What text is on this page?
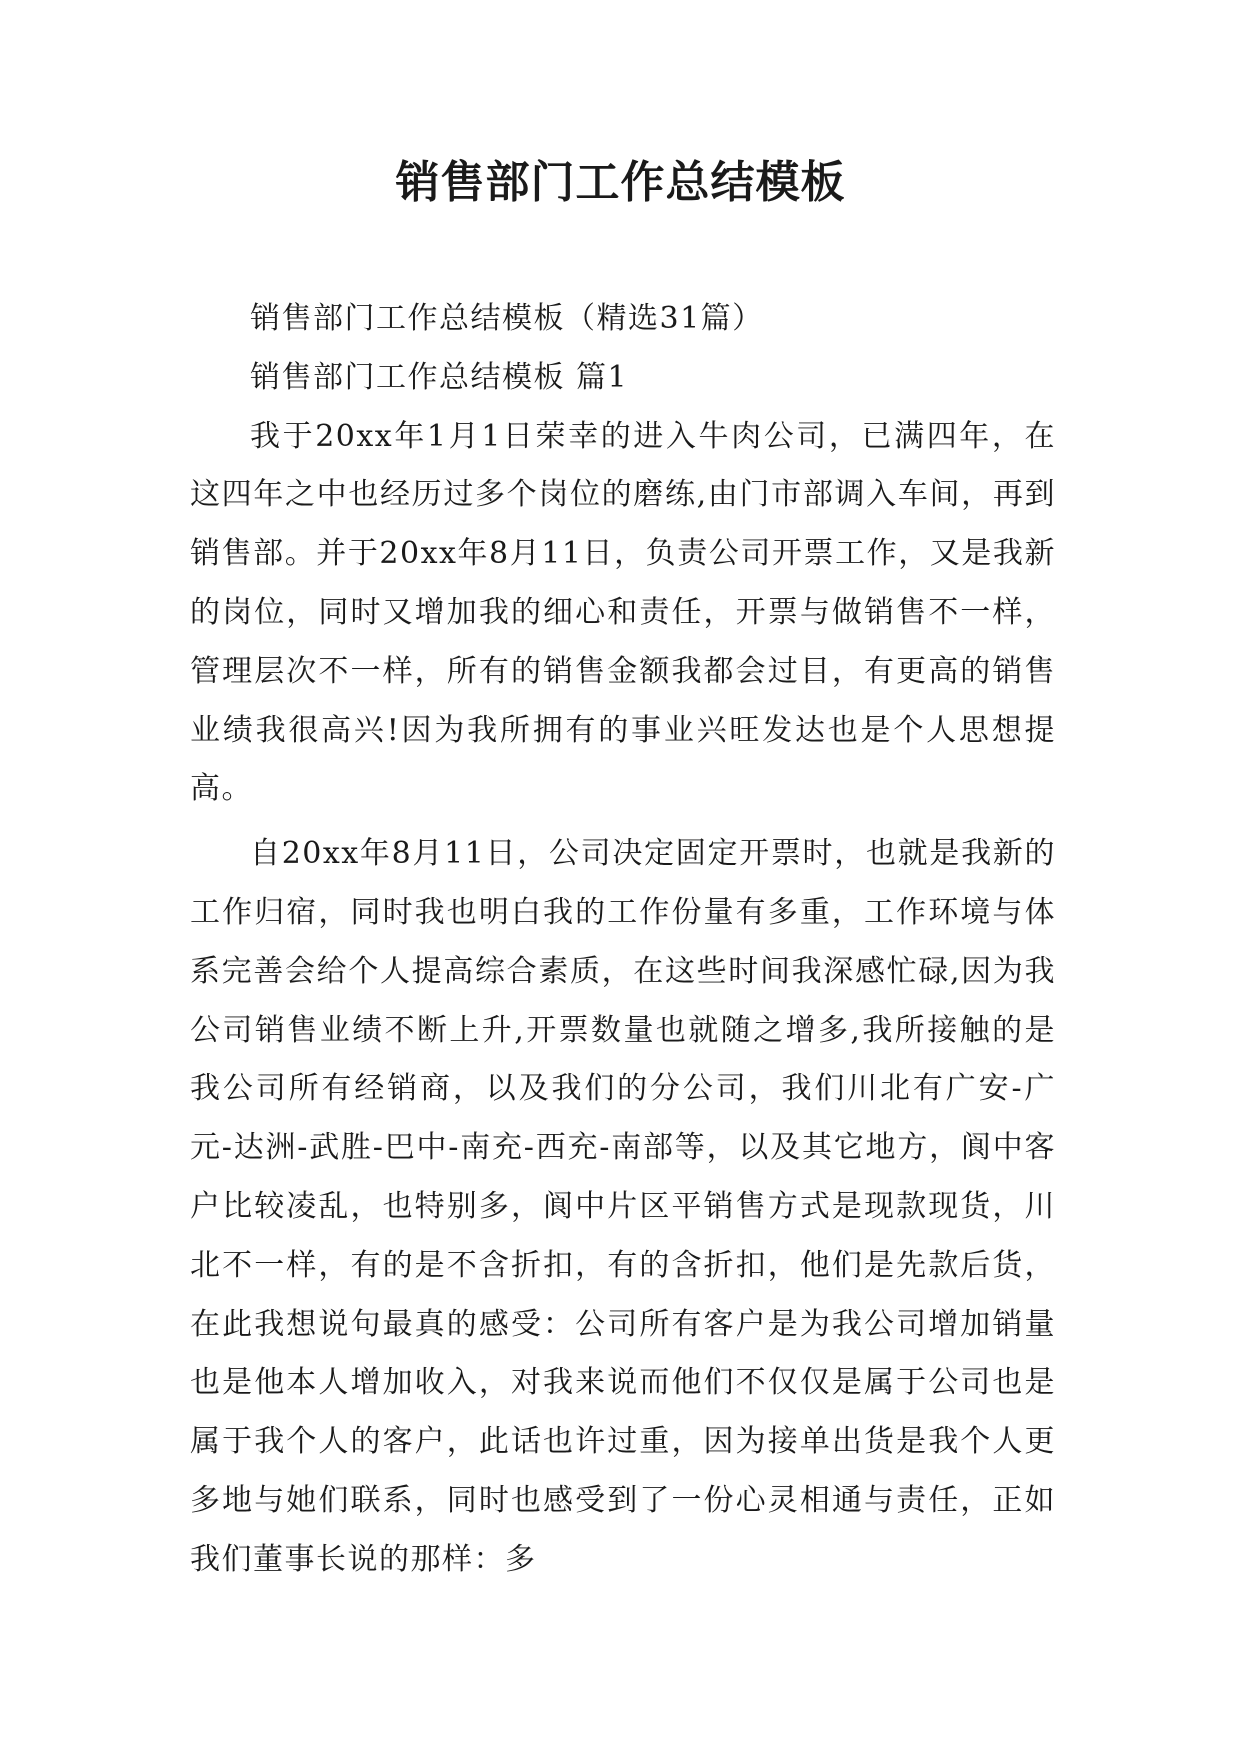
销售部门工作总结模板

销售部门工作总结模板（精选31篇）

销售部门工作总结模板 篇1

我于20xx年1月1日荣幸的进入牛肉公司，已满四年，在这四年之中也经历过多个岗位的磨练,由门市部调入车间，再到销售部。并于20xx年8月11日，负责公司开票工作，又是我新的岗位，同时又增加我的细心和责任，开票与做销售不一样，管理层次不一样，所有的销售金额我都会过目，有更高的销售业绩我很高兴!因为我所拥有的事业兴旺发达也是个人思想提高。

自20xx年8月11日，公司决定固定开票时，也就是我新的工作归宿，同时我也明白我的工作份量有多重，工作环境与体系完善会给个人提高综合素质，在这些时间我深感忙碌,因为我公司销售业绩不断上升,开票数量也就随之增多,我所接触的是我公司所有经销商，以及我们的分公司，我们川北有广安-广元-达洲-武胜-巴中-南充-西充-南部等，以及其它地方，阆中客户比较凌乱，也特别多，阆中片区平销售方式是现款现货，川北不一样，有的是不含折扣，有的含折扣，他们是先款后货，在此我想说句最真的感受：公司所有客户是为我公司增加销量也是他本人增加收入，对我来说而他们不仅仅是属于公司也是属于我个人的客户，此话也许过重，因为接单出货是我个人更多地与她们联系，同时也感受到了一份心灵相通与责任，正如我们董事长说的那样：多
